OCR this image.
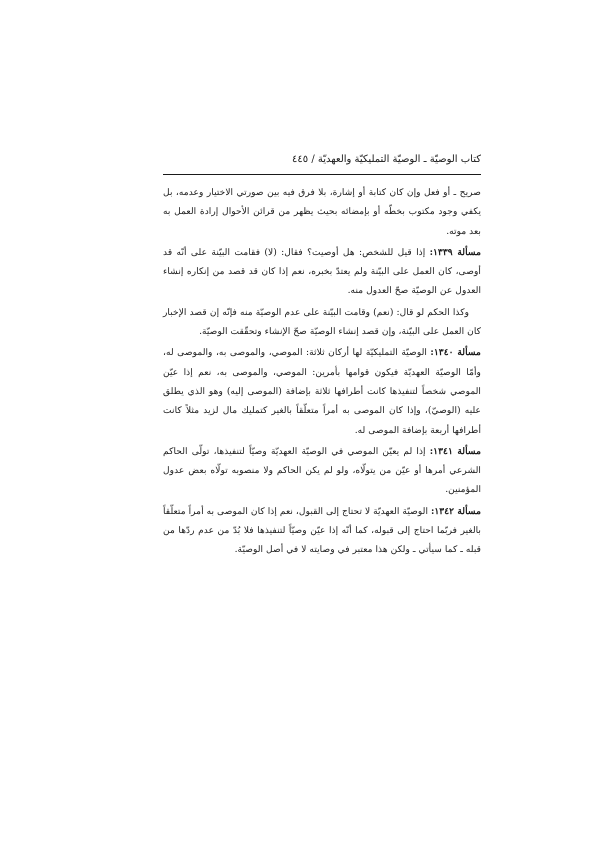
كتاب الوصيّة ـ الوصيّة التمليكيّة والعهديّة / ٤٤٥

صريح ـ أو فعل وإن كان كتابة أو إشارة، بلا فرق فيه بين صورتي الاختيار وعدمه، بل يكفي وجود مكتوب بخطّه أو بإمضائه بحيث يظهر من قرائن الأحوال إرادة العمل به بعد موته.

مسألة ١٣٣٩: إذا قيل للشخص: هل أوصيت؟ فقال: (لا) فقامت البيّنة على أنّه قد أوصى، كان العمل على البيّنة ولم يعتدّ بخبره، نعم إذا كان قد قصد من إنكاره إنشاء العدول عن الوصيّة صحّ العدول منه.

وكذا الحكم لو قال: (نعم) وقامت البيّنة على عدم الوصيّة منه فإنّه إن قصد الإخبار كان العمل على البيّنة، وإن قصد إنشاء الوصيّة صحّ الإنشاء وتحقّقت الوصيّة.

مسألة ١٣٤٠: الوصيّة التمليكيّة لها أركان ثلاثة: الموصي، والموصى به، والموصى له، وأمّا الوصيّة العهديّة فيكون قوامها بأمرين: الموصي، والموصى به، نعم إذا عيّن الموصي شخصاً لتنفيذها كانت أطرافها ثلاثة بإضافة (الموصى إليه) وهو الذي يطلق عليه (الوصيّ)، وإذا كان الموصى به أمراً متعلّقاً بالغير كتمليك مال لزيد مثلاً كانت أطرافها أربعة بإضافة الموصى له.

مسألة ١٣٤١: إذا لم يعيّن الموصي في الوصيّة العهديّة وصيّاً لتنفيذها، تولّى الحاكم الشرعي أمرها أو عيّن من يتولّاه، ولو لم يكن الحاكم ولا منصوبه تولّاه بعض عدول المؤمنين.

مسألة ١٣٤٢: الوصيّة العهديّة لا تحتاج إلى القبول، نعم إذا كان الموصى به أمراً متعلّقاً بالغير فربّما احتاج إلى قبوله، كما أنّه إذا عيّن وصيّاً لتنفيذها فلا بُدّ من عدم ردّها من قبله ـ كما سيأتي ـ ولكن هذا معتبر في وصايته لا في أصل الوصيّة.
